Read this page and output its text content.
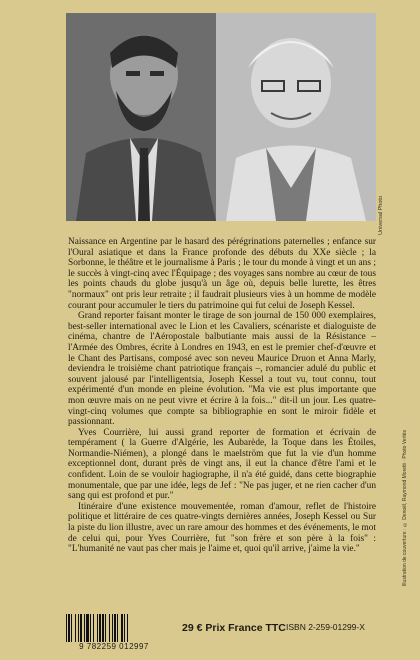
Universal Photo

Naissance en Argentine par le hasard des pérégrinations paternelles ; enfance sur l'Oural asiatique et dans la France profonde des débuts du XXe siècle ; la Sorbonne, le théâtre et le journalisme à Paris ; le tour du monde à vingt et un ans ; le succès à vingt-cinq avec l'Équipage ; des voyages sans nombre au cœur de tous les points chauds du globe jusqu'à un âge où, depuis belle lurette, les êtres "normaux" ont pris leur retraite ; il faudrait plusieurs vies à un homme de modèle courant pour accumuler le tiers du patrimoine qui fut celui de Joseph Kessel.

Grand reporter faisant monter le tirage de son journal de 150 000 exemplaires, best-seller international avec le Lion et les Cavaliers, scénariste et dialoguiste de cinéma, chantre de l'Aéropostale balbutiante mais aussi de la Résistance – l'Armée des Ombres, écrite à Londres en 1943, en est le premier chef-d'œuvre et le Chant des Partisans, composé avec son neveu Maurice Druon et Anna Marly, deviendra le troisième chant patriotique français –, romancier adulé du public et souvent jalousé par l'intelligentsia, Joseph Kessel a tout vu, tout connu, tout expérimenté d'un monde en pleine évolution. "Ma vie est plus importante que mon œuvre mais on ne peut vivre et écrire à la fois..." dit-il un jour. Les quatre-vingt-cinq volumes que compte sa bibliographie en sont le miroir fidèle et passionnant.

Yves Courrière, lui aussi grand reporter de formation et écrivain de tempérament ( la Guerre d'Algérie, les Aubarède, la Toque dans les Étoiles, Normandie-Niémen), a plongé dans le maelström que fut la vie d'un homme exceptionnel dont, durant près de vingt ans, il eut la chance d'être l'ami et le confident. Loin de se vouloir hagiographe, il n'a été guidé, dans cette biographie monumentale, que par une idée, legs de Jef : "Ne pas juger, et ne rien cacher d'un sang qui est profond et pur."

Itinéraire d'une existence mouvementée, roman d'amour, reflet de l'histoire politique et littéraire de ces quatre-vingts dernières années, Joseph Kessel ou Sur la piste du lion illustre, avec un rare amour des hommes et des événements, le mot de celui qui, pour Yves Courrière, fut "son frère et son père à la fois" : "L'humanité ne vaut pas cher mais je l'aime et, quoi qu'il arrive, j'aime la vie."	Illustration de couverture : © Denoël, Raymond Moretti · Photo Vertès
9 782259 012997
29 € Prix France TTC ISBN 2-259-01299-X
